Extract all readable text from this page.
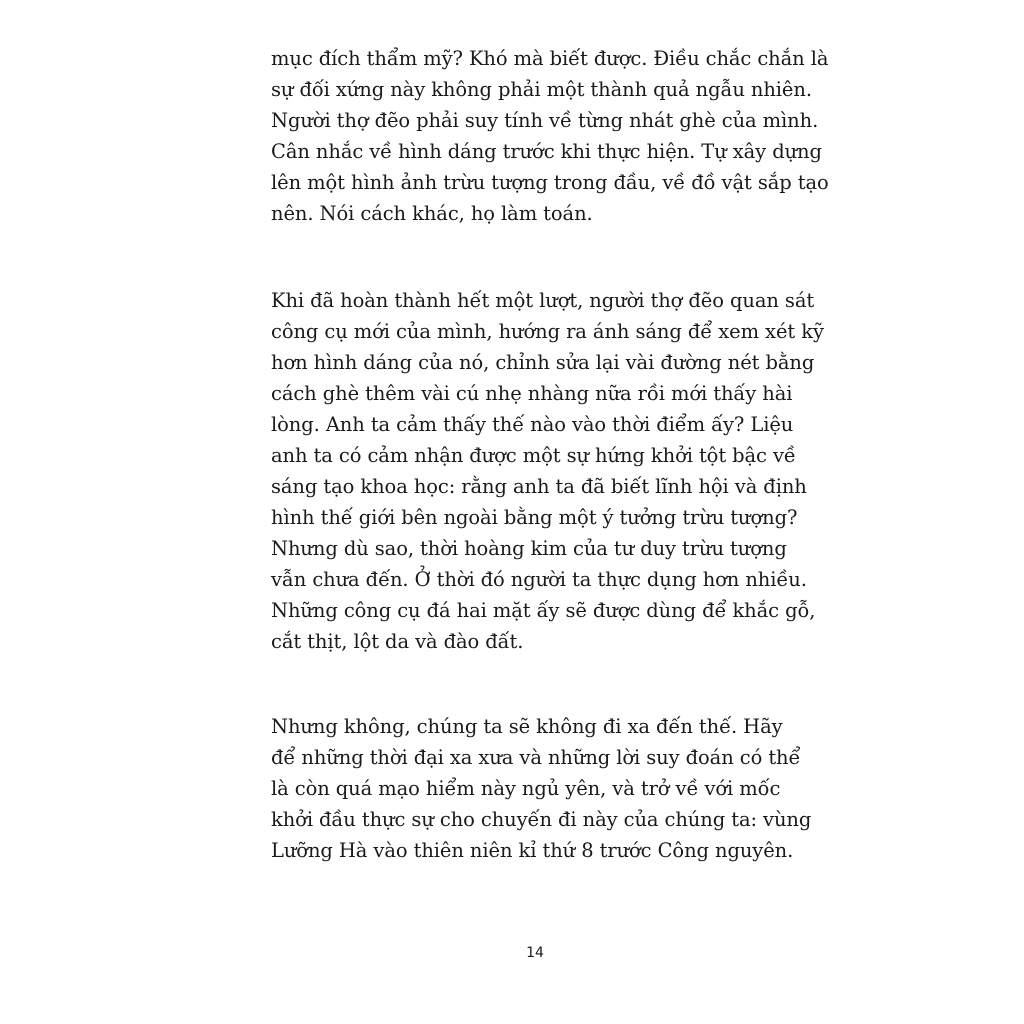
mục đích thẩm mỹ? Khó mà biết được. Điều chắc chắn là
sự đối xứng này không phải một thành quả ngẫu nhiên.
Người thợ đẽo phải suy tính về từng nhát ghè của mình.
Cân nhắc về hình dáng trước khi thực hiện. Tự xây dựng
lên một hình ảnh trừu tượng trong đầu, về đồ vật sắp tạo
nên. Nói cách khác, họ làm toán.

Khi đã hoàn thành hết một lượt, người thợ đẽo quan sát
công cụ mới của mình, hướng ra ánh sáng để xem xét kỹ
hơn hình dáng của nó, chỉnh sửa lại vài đường nét bằng
cách ghè thêm vài cú nhẹ nhàng nữa rồi mới thấy hài
lòng. Anh ta cảm thấy thế nào vào thời điểm ấy? Liệu
anh ta có cảm nhận được một sự hứng khởi tột bậc về
sáng tạo khoa học: rằng anh ta đã biết lĩnh hội và định
hình thế giới bên ngoài bằng một ý tưởng trừu tượng?
Nhưng dù sao, thời hoàng kim của tư duy trừu tượng
vẫn chưa đến. Ở thời đó người ta thực dụng hơn nhiều.
Những công cụ đá hai mặt ấy sẽ được dùng để khắc gỗ,
cắt thịt, lột da và đào đất.

Nhưng không, chúng ta sẽ không đi xa đến thế. Hãy
để những thời đại xa xưa và những lời suy đoán có thể
là còn quá mạo hiểm này ngủ yên, và trở về với mốc
khởi đầu thực sự cho chuyến đi này của chúng ta: vùng
Lưỡng Hà vào thiên niên kỉ thứ 8 trước Công nguyên.

14
